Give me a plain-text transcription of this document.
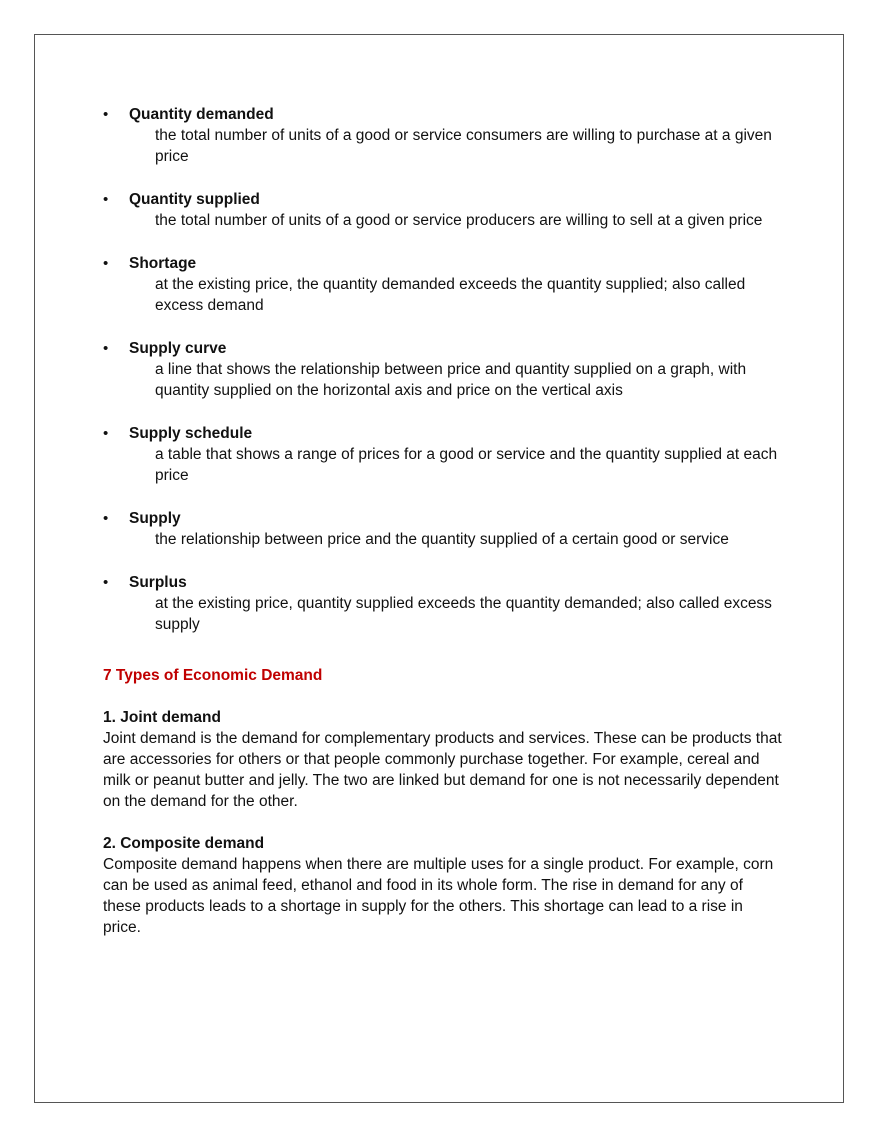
•	Quantity demanded
the total number of units of a good or service consumers are willing to purchase at a given price
•	Quantity supplied
the total number of units of a good or service producers are willing to sell at a given price
•	Shortage
at the existing price, the quantity demanded exceeds the quantity supplied; also called excess demand
•	Supply curve
a line that shows the relationship between price and quantity supplied on a graph, with quantity supplied on the horizontal axis and price on the vertical axis
•	Supply schedule
a table that shows a range of prices for a good or service and the quantity supplied at each price
•	Supply
the relationship between price and the quantity supplied of a certain good or service
•	Surplus
at the existing price, quantity supplied exceeds the quantity demanded; also called excess supply
7 Types of Economic Demand
1. Joint demand
Joint demand is the demand for complementary products and services. These can be products that are accessories for others or that people commonly purchase together. For example, cereal and milk or peanut butter and jelly. The two are linked but demand for one is not necessarily dependent on the demand for the other.
2. Composite demand
Composite demand happens when there are multiple uses for a single product. For example, corn can be used as animal feed, ethanol and food in its whole form. The rise in demand for any of these products leads to a shortage in supply for the others. This shortage can lead to a rise in price.
